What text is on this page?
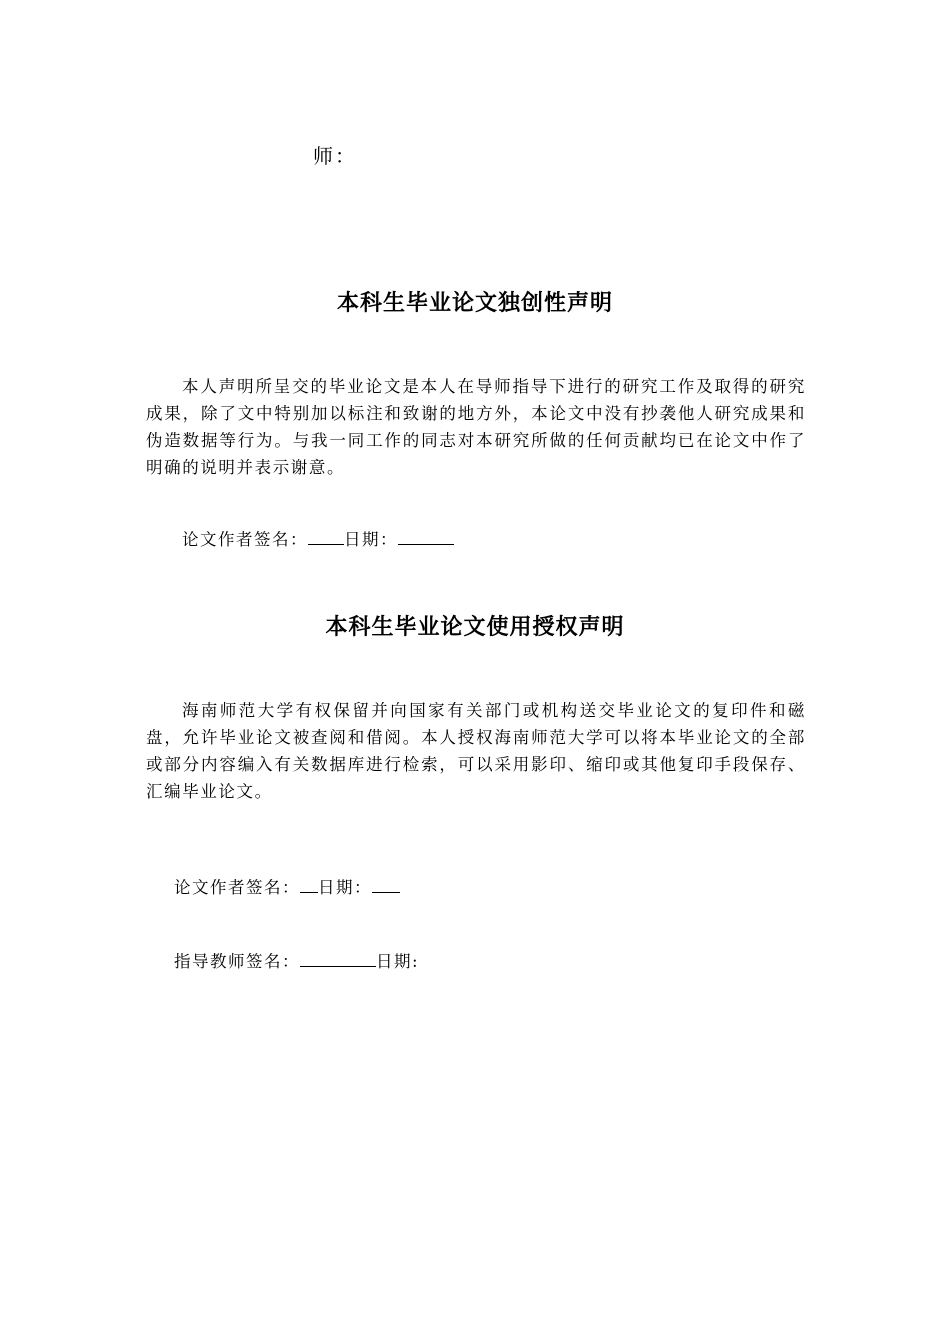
师：
本科生毕业论文独创性声明
本人声明所呈交的毕业论文是本人在导师指导下进行的研究工作及取得的研究成果，除了文中特别加以标注和致谢的地方外，本论文中没有抄袭他人研究成果和伪造数据等行为。与我一同工作的同志对本研究所做的任何贡献均已在论文中作了明确的说明并表示谢意。
论文作者签名： 日期：
本科生毕业论文使用授权声明
海南师范大学有权保留并向国家有关部门或机构送交毕业论文的复印件和磁盘，允许毕业论文被查阅和借阅。本人授权海南师范大学可以将本毕业论文的全部或部分内容编入有关数据库进行检索，可以采用影印、缩印或其他复印手段保存、汇编毕业论文。
论文作者签名： 日期：
指导教师签名：	日期:
